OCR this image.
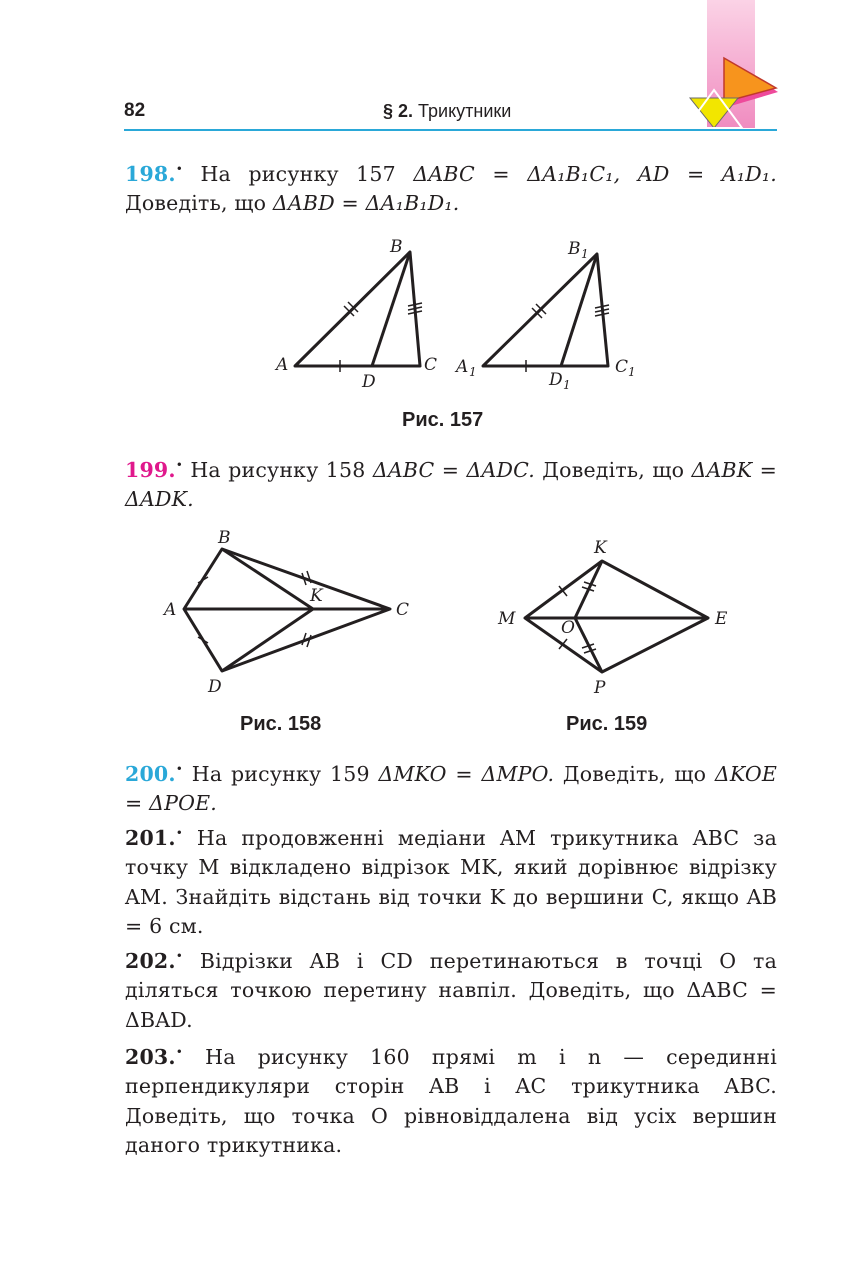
82	§ 2. Трикутники
198.• На рисунку 157 ΔABC = ΔA₁B₁C₁, AD = A₁D₁. Доведіть, що ΔABD = ΔA₁B₁D₁.
B
A	C
D
B 1
A 1	C 1
D 1
Рис. 157
199.• На рисунку 158 ΔABC = ΔADC. Доведіть, що ΔABK = ΔADK.
B
A
K
C
D
Рис. 158
K
M	O	E
P
Рис. 159
200.• На рисунку 159 ΔMKO = ΔMPO. Доведіть, що ΔKOE = ΔPOE.
201.• На продовженні медіани AM трикутника ABC за точку M відкладено відрізок MK, який дорівнює відрізку AM. Знайдіть відстань від точки K до вершини C, якщо AB = 6 см.
202.• Відрізки AB і CD перетинаються в точці O та діляться точкою перетину навпіл. Доведіть, що ΔABC = ΔBAD.
203.• На рисунку 160 прямі m і n — серединні перпендикуляри сторін AB і AC трикутника ABC. Доведіть, що точка O рівновіддалена від усіх вершин даного трикутника.
